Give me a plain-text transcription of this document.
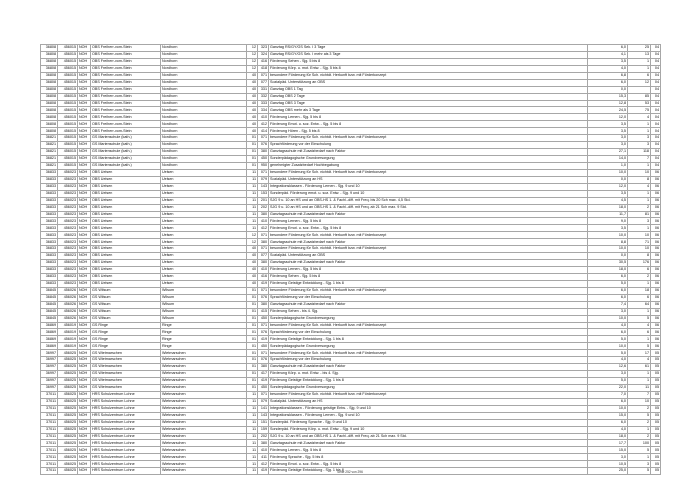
36808	456015	NOH	OBS Freiherr-vom-Stein	Nordhorn	12	323	Ganztag RS/GY/GS Sek. I 3 Tage	6,0	25	04
36808	456015	NOH	OBS Freiherr-vom-Stein	Nordhorn	12	324	Ganztag RS/GY/GS Sek. I mehr als 3 Tage	4,1	13	04
36808	456015	NOH	OBS Freiherr-vom-Stein	Nordhorn	12	416	Förderung Sehen - Sjg. 5 bis 8	3,5	1	04
36808	456015	NOH	OBS Freiherr-vom-Stein	Nordhorn	12	418	Förderung Körp. u. mot. Entw. - Sjg. 5 bis 8	4,0	1	04
36808	456015	NOH	OBS Freiherr-vom-Stein	Nordhorn	40	071	besondere Förderung für Sch. nichtdt. Herkunft bzw. mit Förderkonzept	6,8	6	04
36808	456015	NOH	OBS Freiherr-vom-Stein	Nordhorn	40	077	Sozialpäd. Unterstützung an OBS	6,0	12	04
36808	456015	NOH	OBS Freiherr-vom-Stein	Nordhorn	40	331	Ganztag OBS 1 Tag	0,0		04
36808	456015	NOH	OBS Freiherr-vom-Stein	Nordhorn	40	332	Ganztag OBS 2 Tage	15,3	85	04
36808	456015	NOH	OBS Freiherr-vom-Stein	Nordhorn	40	333	Ganztag OBS 3 Tage	12,8	53	04
36808	456015	NOH	OBS Freiherr-vom-Stein	Nordhorn	40	334	Ganztag OBS mehr als 3 Tage	24,5	75	04
36808	456015	NOH	OBS Freiherr-vom-Stein	Nordhorn	40	410	Förderung Lernen - Sjg. 5 bis 8	12,0	4	04
36808	456015	NOH	OBS Freiherr-vom-Stein	Nordhorn	40	412	Förderung Emot. u. soz. Entw. - Sjg. 5 bis 8	3,5	1	04
36808	456015	NOH	OBS Freiherr-vom-Stein	Nordhorn	40	414	Förderung Hören - Sjg. 5 bis 8	3,5	1	04
36821	456015	NOH	GS Marienschule (kath.)	Nordhorn	01	071	besondere Förderung für Sch. nichtdt. Herkunft bzw. mit Förderkonzept	3,0	3	04
36821	456015	NOH	GS Marienschule (kath.)	Nordhorn	01	076	Sprachförderung vor der Einschulung	3,0	3	04
36821	456015	NOH	GS Marienschule (kath.)	Nordhorn	01	380	Ganztagsschule mit Zusatzbedarf nach Faktor	27,1	118	04
36821	456015	NOH	GS Marienschule (kath.)	Nordhorn	01	450	Sonderpädagogische Grundversorgung	14,0	7	04
36821	456015	NOH	GS Marienschule (kath.)	Nordhorn	01	950	genehmigter Zusatzbedarf Hochbegabung	1,0	1	04
36833	456023	NOH	OBS Uelsen	Uelsen	11	071	besondere Förderung für Sch. nichtdt. Herkunft bzw. mit Förderkonzept	10,0	10	06
36833	456023	NOH	OBS Uelsen	Uelsen	11	079	Sozialpäd. Unterstützung an HS	0,0	8	06
36833	456023	NOH	OBS Uelsen	Uelsen	11	143	Integrationsklassen - Förderung Lernen - Sjg. 9 und 10	12,0	4	06
36833	456023	NOH	OBS Uelsen	Uelsen	11	153	Sonderpäd. Förderung emot. u. soz. Entw. - Sjg. 9 und 10	3,5	1	06
36833	456023	NOH	OBS Uelsen	Uelsen	11	201	SJG 9 u. 10 an HS und an OBS-HS 1. & Fachl.-diff. mit Freq. bis 20 Sch max. 4,5 Std.	4,5	1	06
36833	456023	NOH	OBS Uelsen	Uelsen	11	202	SJG 9 u. 10 an HS und an OBS-HS 1. & Fachl.-diff. mit Freq. ab 21 Sch max. 9 Std.	18,0	2	06
36833	456023	NOH	OBS Uelsen	Uelsen	11	380	Ganztagsschule mit Zusatzbedarf nach Faktor	11,7	81	06
36833	456023	NOH	OBS Uelsen	Uelsen	11	410	Förderung Lernen - Sjg. 5 bis 8	9,0	3	06
36833	456023	NOH	OBS Uelsen	Uelsen	11	412	Förderung Emot. u. soz. Entw. - Sjg. 5 bis 8	3,5	1	06
36833	456023	NOH	OBS Uelsen	Uelsen	12	071	besondere Förderung für Sch. nichtdt. Herkunft bzw. mit Förderkonzept	10,0	10	06
36833	456023	NOH	OBS Uelsen	Uelsen	12	380	Ganztagsschule mit Zusatzbedarf nach Faktor	8,8	71	06
36833	456023	NOH	OBS Uelsen	Uelsen	40	071	besondere Förderung für Sch. nichtdt. Herkunft bzw. mit Förderkonzept	10,0	10	06
36833	456023	NOH	OBS Uelsen	Uelsen	40	077	Sozialpäd. Unterstützung an OBS	0,0	8	06
36833	456023	NOH	OBS Uelsen	Uelsen	40	380	Ganztagsschule mit Zusatzbedarf nach Faktor	30,5	176	06
36833	456023	NOH	OBS Uelsen	Uelsen	40	410	Förderung Lernen - Sjg. 5 bis 8	18,0	6	06
36833	456023	NOH	OBS Uelsen	Uelsen	40	416	Förderung Sehen - Sjg. 5 bis 8	6,0	2	06
36833	456023	NOH	OBS Uelsen	Uelsen	40	419	Förderung Geistige Entwicklung - Sjg. 1 bis 8	5,0	1	06
36845	456026	NOH	GS Wilsum	Wilsum	01	071	besondere Förderung für Sch. nichtdt. Herkunft bzw. mit Förderkonzept	6,0	18	06
36845	456026	NOH	GS Wilsum	Wilsum	01	076	Sprachförderung vor der Einschulung	6,0	6	06
36845	456026	NOH	GS Wilsum	Wilsum	01	380	Ganztagsschule mit Zusatzbedarf nach Faktor	7,4	64	06
36845	456026	NOH	GS Wilsum	Wilsum	01	415	Förderung Sehen - bis 4. Sjg.	3,0	1	06
36845	456026	NOH	GS Wilsum	Wilsum	01	450	Sonderpädagogische Grundversorgung	10,0	5	06
36869	456019	NOH	GS Ringe	Ringe	01	071	besondere Förderung für Sch. nichtdt. Herkunft bzw. mit Förderkonzept	4,0	4	06
36869	456019	NOH	GS Ringe	Ringe	01	076	Sprachförderung vor der Einschulung	6,0	6	06
36869	456019	NOH	GS Ringe	Ringe	01	419	Förderung Geistige Entwicklung - Sjg. 1 bis 8	5,0	1	06
36869	456019	NOH	GS Ringe	Ringe	01	450	Sonderpädagogische Grundversorgung	10,0	5	06
36997	456025	NOH	GS Wietmarschen	Wietmarschen	01	071	besondere Förderung für Sch. nichtdt. Herkunft bzw. mit Förderkonzept	5,0	17	05
36997	456025	NOH	GS Wietmarschen	Wietmarschen	01	076	Sprachförderung vor der Einschulung	4,0	4	05
36997	456025	NOH	GS Wietmarschen	Wietmarschen	01	380	Ganztagsschule mit Zusatzbedarf nach Faktor	12,6	61	05
36997	456025	NOH	GS Wietmarschen	Wietmarschen	01	417	Förderung Körp. u. mot. Entw. - bis 4. Sjg.	3,0	1	05
36997	456025	NOH	GS Wietmarschen	Wietmarschen	01	419	Förderung Geistige Entwicklung - Sjg. 1 bis 8	5,0	1	05
36997	456025	NOH	GS Wietmarschen	Wietmarschen	01	450	Sonderpädagogische Grundversorgung	22,0	11	05
37011	456025	NOH	HRS Schulzentrum Lohne	Wietmarschen	11	071	besondere Förderung für Sch. nichtdt. Herkunft bzw. mit Förderkonzept	7,0	7	05
37011	456025	NOH	HRS Schulzentrum Lohne	Wietmarschen	11	079	Sozialpäd. Unterstützung an HS	6,0	10	05
37011	456025	NOH	HRS Schulzentrum Lohne	Wietmarschen	11	141	Integrationsklassen - Förderung geistige Entw. - Sjg. 9 und 10	10,0	2	05
37011	456025	NOH	HRS Schulzentrum Lohne	Wietmarschen	11	143	Integrationsklassen - Förderung Lernen - Sjg. 9 und 10	15,0	5	05
37011	456025	NOH	HRS Schulzentrum Lohne	Wietmarschen	11	151	Sonderpäd. Förderung Sprache - Sjg. 9 und 10	6,0	2	05
37011	456025	NOH	HRS Schulzentrum Lohne	Wietmarschen	11	159	Sonderpäd. Förderung Körp. u. mot. Entw. - Sjg. 9 und 10	4,0	1	05
37011	456025	NOH	HRS Schulzentrum Lohne	Wietmarschen	11	202	SJG 9 u. 10 an HS und an OBS-HS 1. & Fachl.-diff. mit Freq. ab 21 Sch max. 9 Std.	18,0	2	05
37011	456025	NOH	HRS Schulzentrum Lohne	Wietmarschen	11	380	Ganztagsschule mit Zusatzbedarf nach Faktor	17,7	100	05
37011	456025	NOH	HRS Schulzentrum Lohne	Wietmarschen	11	410	Förderung Lernen - Sjg. 5 bis 8	15,0	5	05
37011	456025	NOH	HRS Schulzentrum Lohne	Wietmarschen	11	411	Förderung Sprache - Sjg. 5 bis 8	3,0	1	05
37011	456025	NOH	HRS Schulzentrum Lohne	Wietmarschen	11	412	Förderung Emot. u. soz. Entw. - Sjg. 5 bis 8	10,5	3	05
37011	456025	NOH	HRS Schulzentrum Lohne	Wietmarschen	11	419	Förderung Geistige Entwicklung - Sjg. 1 bis 8	25,0	5	05
Seite 252 von 296
